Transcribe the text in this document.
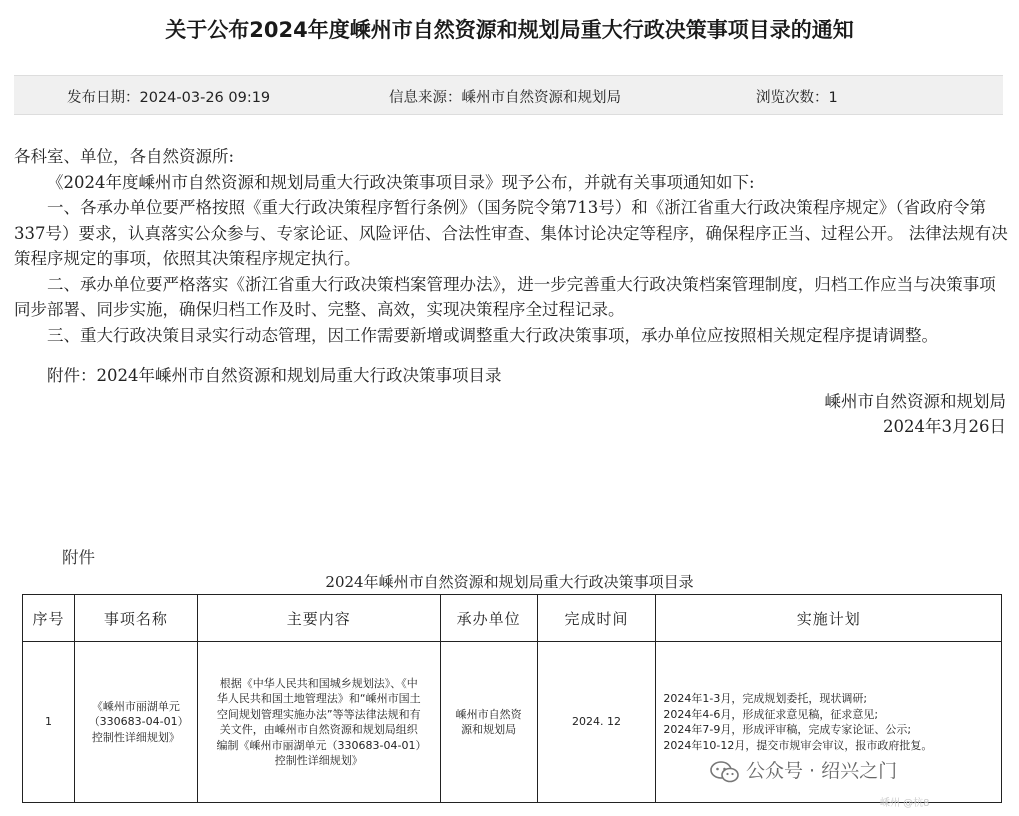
关于公布2024年度嵊州市自然资源和规划局重大行政决策事项目录的通知
发布日期：2024-03-26 09:19	信息来源：嵊州市自然资源和规划局	浏览次数：1

各科室、单位，各自然资源所:

《2024年度嵊州市自然资源和规划局重大行政决策事项目录》现予公布，并就有关事项通知如下:

一、各承办单位要严格按照《重大行政决策程序暂行条例》（国务院令第713号）和《浙江省重大行政决策程序规定》（省政府令第337号）要求，认真落实公众参与、专家论证、风险评估、合法性审查、集体讨论决定等程序，确保程序正当、过程公开。 法律法规有决策程序规定的事项，依照其决策程序规定执行。

二、承办单位要严格落实《浙江省重大行政决策档案管理办法》，进一步完善重大行政决策档案管理制度，归档工作应当与决策事项同步部署、同步实施，确保归档工作及时、完整、高效，实现决策程序全过程记录。

三、重大行政决策目录实行动态管理，因工作需要新增或调整重大行政决策事项，承办单位应按照相关规定程序提请调整。

附件：2024年嵊州市自然资源和规划局重大行政决策事项目录

嵊州市自然资源和规划局

2024年3月26日

附件
2024年嵊州市自然资源和规划局重大行政决策事项目录
序号	事项名称	主要内容	承办单位	完成时间	实施计划
1	《嵊州市丽湖单元（330683-04-01）控制性详细规划》	根据《中华人民共和国城乡规划法》、《中华人民共和国土地管理法》和“嵊州市国土空间规划管理实施办法”等等法律法规和有关文件，由嵊州市自然资源和规划局组织编制《嵊州市丽湖单元（330683-04-01）控制性详细规划》	嵊州市自然资源和规划局	2024. 12	2024年1-3月，完成规划委托，现状调研;
2024年4-6月，形成征求意见稿，征求意见;
2024年7-9月，形成评审稿，完成专家论证、公示;
2024年10-12月，提交市规审会审议，报市政府批复。
公众号 · 绍兴之门
嵊州 @杭8
